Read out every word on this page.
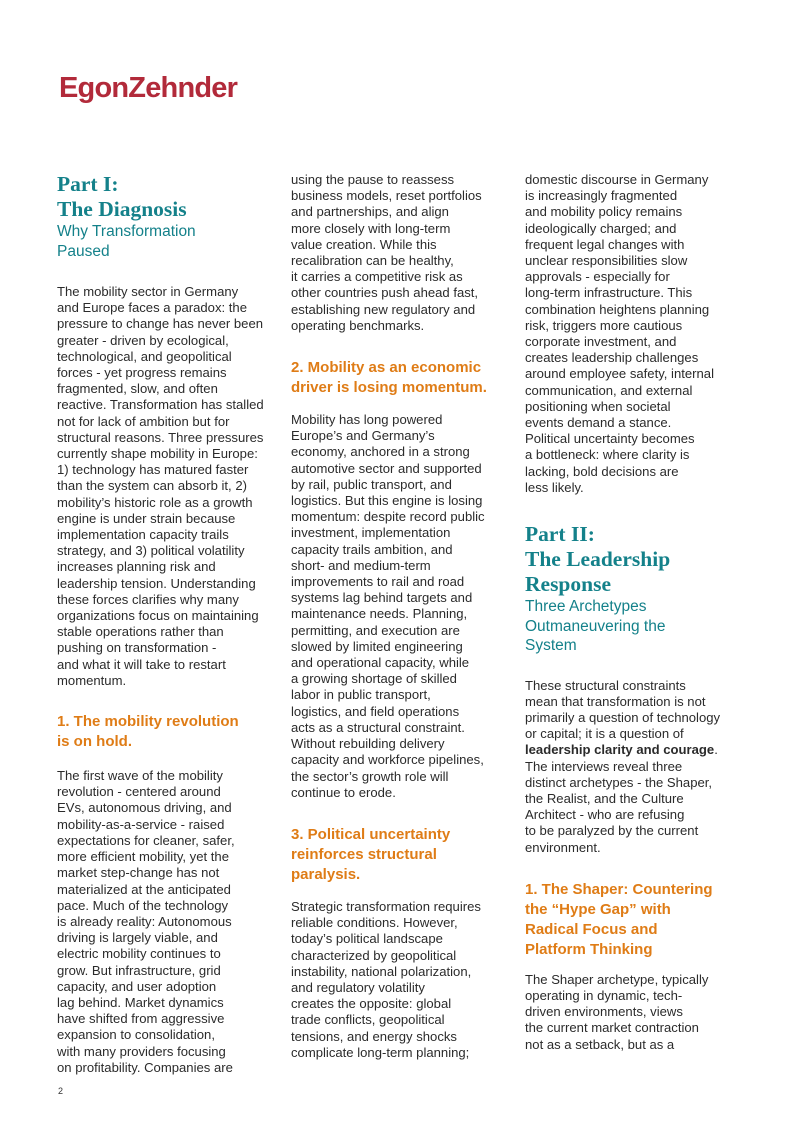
EgonZehnder
Part I:
The Diagnosis

Why Transformation
Paused

The mobility sector in Germany
and Europe faces a paradox: the
pressure to change has never been
greater - driven by ecological,
technological, and geopolitical
forces - yet progress remains
fragmented, slow, and often
reactive. Transformation has stalled
not for lack of ambition but for
structural reasons. Three pressures
currently shape mobility in Europe:
1) technology has matured faster
than the system can absorb it, 2)
mobility’s historic role as a growth
engine is under strain because
implementation capacity trails
strategy, and 3) political volatility
increases planning risk and
leadership tension. Understanding
these forces clarifies why many
organizations focus on maintaining
stable operations rather than
pushing on transformation -
and what it will take to restart
momentum.

1. The mobility revolution
is on hold.

The first wave of the mobility
revolution - centered around
EVs, autonomous driving, and
mobility-as-a-service - raised
expectations for cleaner, safer,
more efficient mobility, yet the
market step-change has not
materialized at the anticipated
pace. Much of the technology
is already reality: Autonomous
driving is largely viable, and
electric mobility continues to
grow. But infrastructure, grid
capacity, and user adoption
lag behind. Market dynamics
have shifted from aggressive
expansion to consolidation,
with many providers focusing
on profitability. Companies are

using the pause to reassess
business models, reset portfolios
and partnerships, and align
more closely with long-term
value creation. While this
recalibration can be healthy,
it carries a competitive risk as
other countries push ahead fast,
establishing new regulatory and
operating benchmarks.

2. Mobility as an economic
driver is losing momentum.

Mobility has long powered
Europe’s and Germany’s
economy, anchored in a strong
automotive sector and supported
by rail, public transport, and
logistics. But this engine is losing
momentum: despite record public
investment, implementation
capacity trails ambition, and
short- and medium-term
improvements to rail and road
systems lag behind targets and
maintenance needs. Planning,
permitting, and execution are
slowed by limited engineering
and operational capacity, while
a growing shortage of skilled
labor in public transport,
logistics, and field operations
acts as a structural constraint.
Without rebuilding delivery
capacity and workforce pipelines,
the sector’s growth role will
continue to erode.

3. Political uncertainty
reinforces structural
paralysis.

Strategic transformation requires
reliable conditions. However,
today’s political landscape
characterized by geopolitical
instability, national polarization,
and regulatory volatility
creates the opposite: global
trade conflicts, geopolitical
tensions, and energy shocks
complicate long-term planning;

domestic discourse in Germany
is increasingly fragmented
and mobility policy remains
ideologically charged; and
frequent legal changes with
unclear responsibilities slow
approvals - especially for
long-term infrastructure. This
combination heightens planning
risk, triggers more cautious
corporate investment, and
creates leadership challenges
around employee safety, internal
communication, and external
positioning when societal
events demand a stance.
Political uncertainty becomes
a bottleneck: where clarity is
lacking, bold decisions are
less likely.

Part II:
The Leadership
Response

Three Archetypes
Outmaneuvering the
System

These structural constraints
mean that transformation is not
primarily a question of technology
or capital; it is a question of
leadership clarity and courage.
The interviews reveal three
distinct archetypes - the Shaper,
the Realist, and the Culture
Architect - who are refusing
to be paralyzed by the current
environment.

1. The Shaper: Countering
the “Hype Gap” with
Radical Focus and
Platform Thinking

The Shaper archetype, typically
operating in dynamic, tech-
driven environments, views
the current market contraction
not as a setback, but as a

2
